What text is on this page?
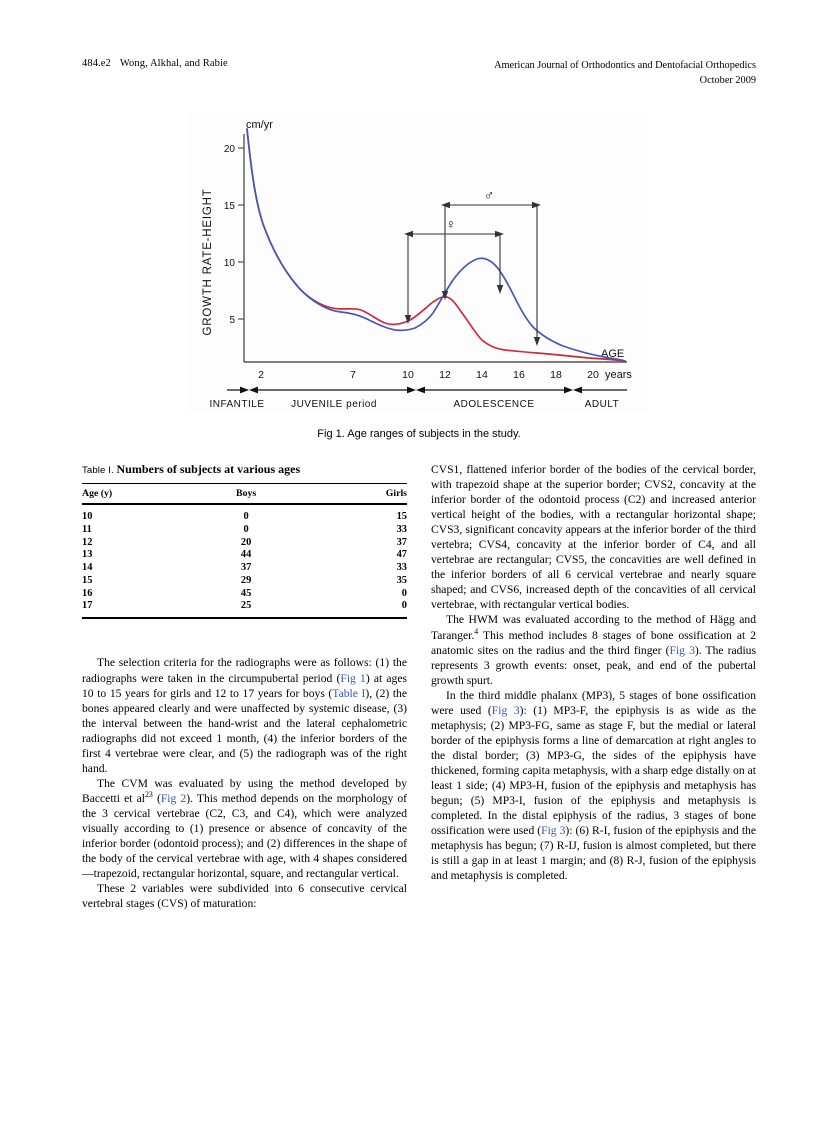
484.e2 Wong, Alkhal, and Rabie	American Journal of Orthodontics and Dentofacial Orthopedics
October 2009
20
15
10
5
cm/yr
GROWTH RATE-HEIGHT
AGE
2	7	10 12 14 16 18 20 years
♀
♂
INFANTILE	JUVENILE period	ADOLESCENCE	ADULT
Fig 1. Age ranges of subjects in the study.
Table I. Numbers of subjects at various ages
Age (y)	Boys	Girls
10	0	15
11	0	33
12	20	37
13	44	47
14	37	33
15	29	35
16	45	0
17	25	0

The selection criteria for the radiographs were as follows: (1) the radiographs were taken in the circumpubertal period (Fig 1) at ages 10 to 15 years for girls and 12 to 17 years for boys (Table I), (2) the bones appeared clearly and were unaffected by systemic disease, (3) the interval between the hand-wrist and the lateral cephalometric radiographs did not exceed 1 month, (4) the inferior borders of the first 4 vertebrae were clear, and (5) the radiograph was of the right hand.

The CVM was evaluated by using the method developed by Baccetti et $al^{23}$ (Fig 2). This method depends on the morphology of the 3 cervical vertebrae (C2, C3, and C4), which were analyzed visually according to (1) presence or absence of concavity of the inferior border (odontoid process); and (2) differences in the shape of the body of the cervical vertebrae with age, with 4 shapes considered—trapezoid, rectangular horizontal, square, and rectangular vertical.

These 2 variables were subdivided into 6 consecutive cervical vertebral stages (CVS) of maturation:

CVS1, flattened inferior border of the bodies of the cervical border, with trapezoid shape at the superior border; CVS2, concavity at the inferior border of the odontoid process (C2) and increased anterior vertical height of the bodies, with a rectangular horizontal shape; CVS3, significant concavity appears at the inferior border of the third vertebra; CVS4, concavity at the inferior border of C4, and all vertebrae are rectangular; CVS5, the concavities are well defined in the inferior borders of all 6 cervical vertebrae and nearly square shaped; and CVS6, increased depth of the concavities of all cervical vertebrae, with rectangular vertical bodies.

The HWM was evaluated according to the method of Hägg and Taranger.$^4$ This method includes 8 stages of bone ossification at 2 anatomic sites on the radius and the third finger (Fig 3). The radius represents 3 growth events: onset, peak, and end of the pubertal growth spurt.

In the third middle phalanx (MP3), 5 stages of bone ossification were used (Fig 3): (1) MP3-F, the epiphysis is as wide as the metaphysis; (2) MP3-FG, same as stage F, but the medial or lateral border of the epiphysis forms a line of demarcation at right angles to the distal border; (3) MP3-G, the sides of the epiphysis have thickened, forming capita metaphysis, with a sharp edge distally on at least 1 side; (4) MP3-H, fusion of the epiphysis and metaphysis has begun; (5) MP3-I, fusion of the epiphysis and metaphysis is completed. In the distal epiphysis of the radius, 3 stages of bone ossification were used (Fig 3): (6) R-I, fusion of the epiphysis and the metaphysis has begun; (7) R-IJ, fusion is almost completed, but there is still a gap in at least 1 margin; and (8) R-J, fusion of the epiphysis and metaphysis is completed.
